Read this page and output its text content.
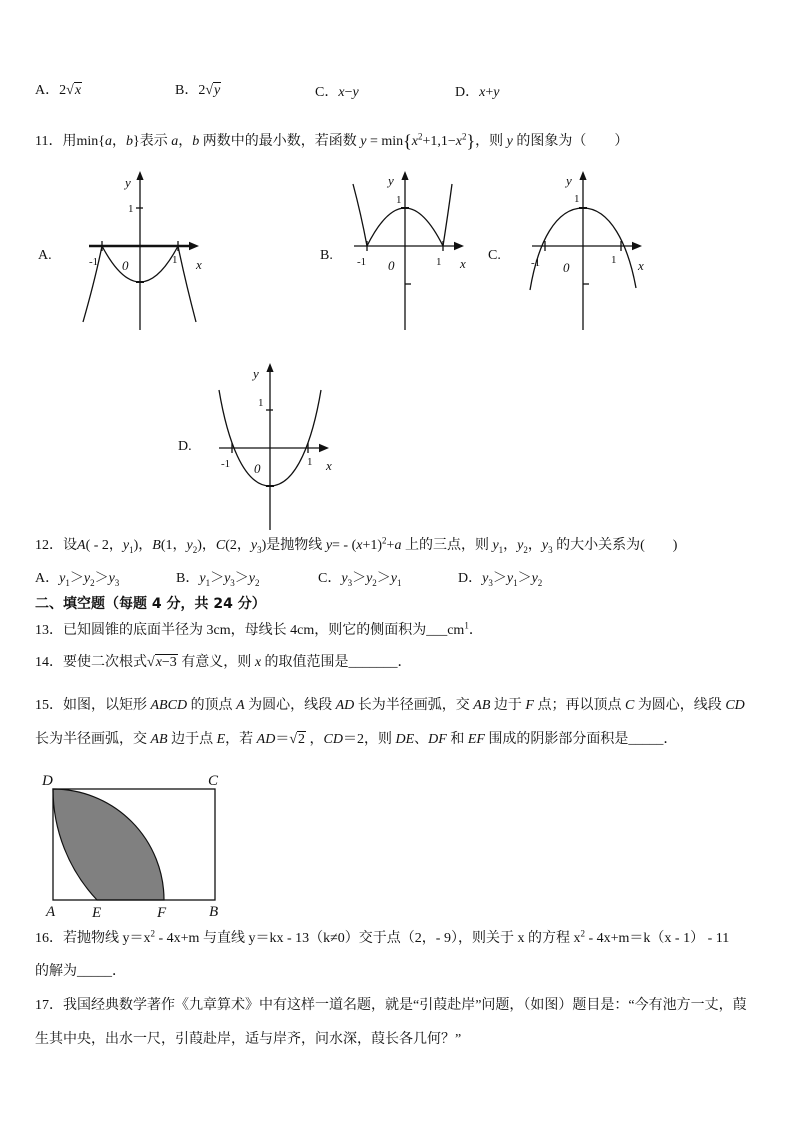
A．2√x	B．2√y	C．x−y	D．x+y
11．用min{a，b}表示 a，b 两数中的最小数，若函数 $y = \min\{x^2+1,1-x^2\}$，则 y 的图象为（　　）
A.	B.	C.
D.
y
x
0
1
-1	1
y
x
0
1
-1	1
y
x
0
1
-1	1
y
x
0
1
-1	1
12．设A( - 2，$y_1$)，B(1，$y_2$)，C(2，$y_3$)是抛物线 $y= - (x+1)^2+a$ 上的三点，则 $y_1$，$y_2$，$y_3$ 的大小关系为(　　)
A．$y_1>y_2>y_3$	B．$y_1>y_3>y_2$	C．$y_3>y_2>y_1$	D．$y_3>y_1>y_2$
二、填空题（每题 4 分，共 24 分）
13．已知圆锥的底面半径为 3cm，母线长 4cm，则它的侧面积为$\_\_\_cm^1$．
14．要使二次根式√x−3 有意义，则 x 的取值范围是_______．
15．如图，以矩形 ABCD 的顶点 A 为圆心，线段 AD 长为半径画弧，交 AB 边于 F 点；再以顶点 C 为圆心，线段 CD
长为半径画弧，交 AB 边于点 E，若 AD＝√2 ，CD＝2，则 DE、DF 和 EF 围成的阴影部分面积是_____．
D	C
A	B
E	F
16．若抛物线 $y=x^2 - 4x+m$ 与直线 y＝kx - 13（k≠0）交于点（2，- 9），则关于 x 的方程 $x^2 - 4x+m=k(x - 1) - 11$
的解为_____．
17．我国经典数学著作《九章算术》中有这样一道名题，就是“引葭赴岸”问题，（如图）题目是：“今有池方一丈，葭
生其中央，出水一尺，引葭赴岸，适与岸齐，问水深，葭长各几何？”
